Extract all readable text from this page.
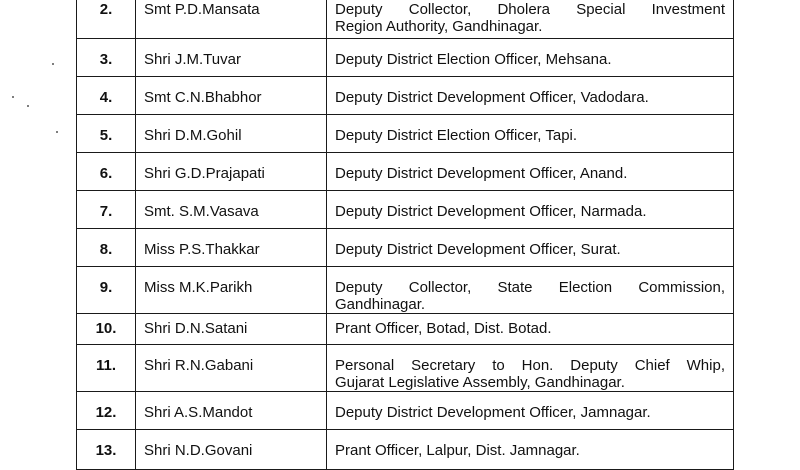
2.	Smt P.D.Mansata	Deputy Collector, Dholera Special Investment
Region Authority, Gandhinagar.

3.	Shri J.M.Tuvar	Deputy District Election Officer, Mehsana.
4.	Smt C.N.Bhabhor	Deputy District Development Officer, Vadodara.
5.	Shri D.M.Gohil	Deputy District Election Officer, Tapi.
6.	Shri G.D.Prajapati	Deputy District Development Officer, Anand.
7.	Smt. S.M.Vasava	Deputy District Development Officer, Narmada.
8.	Miss P.S.Thakkar	Deputy District Development Officer, Surat.
9.	Miss M.K.Parikh	Deputy Collector, State Election Commission,
Gandhinagar.

10.	Shri D.N.Satani	Prant Officer, Botad, Dist. Botad.
11.	Shri R.N.Gabani	Personal Secretary to Hon. Deputy Chief Whip,
Gujarat Legislative Assembly, Gandhinagar.

12.	Shri A.S.Mandot	Deputy District Development Officer, Jamnagar.
13.	Shri N.D.Govani	Prant Officer, Lalpur, Dist. Jamnagar.
